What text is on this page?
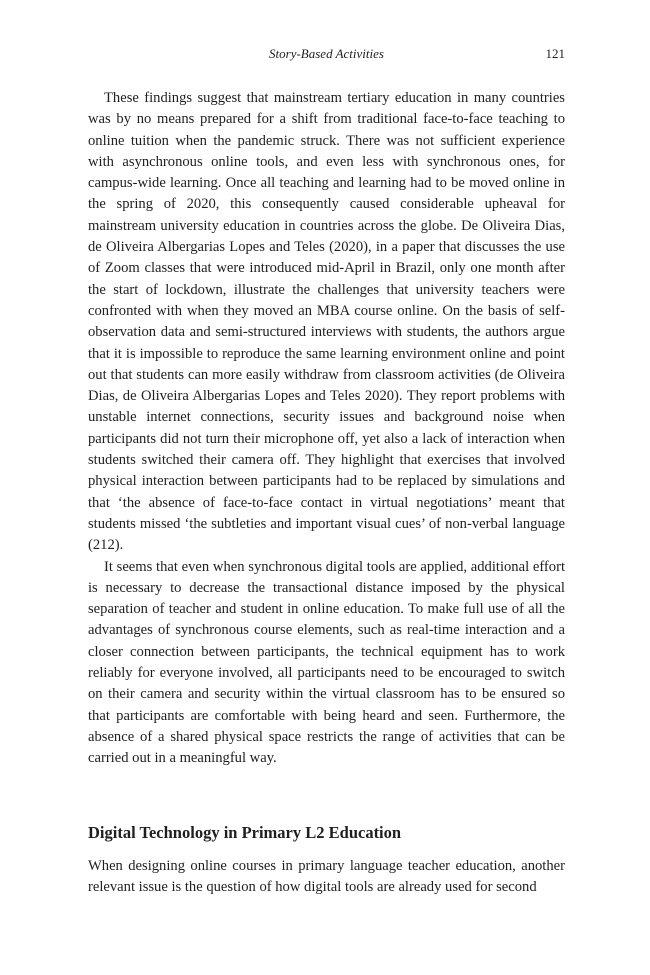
Story-Based Activities	121

These findings suggest that mainstream tertiary education in many countries was by no means prepared for a shift from traditional face-to-face teaching to online tuition when the pandemic struck. There was not sufficient experience with asynchronous online tools, and even less with synchronous ones, for campus-wide learning. Once all teaching and learning had to be moved online in the spring of 2020, this consequently caused considerable upheaval for mainstream university education in countries across the globe. De Oliveira Dias, de Oliveira Albergarias Lopes and Teles (2020), in a paper that discusses the use of Zoom classes that were introduced mid-April in Brazil, only one month after the start of lockdown, illustrate the challenges that university teachers were confronted with when they moved an MBA course online. On the basis of self-observation data and semi-structured interviews with students, the authors argue that it is impossible to reproduce the same learning environment online and point out that students can more easily withdraw from classroom activities (de Oliveira Dias, de Oliveira Albergarias Lopes and Teles 2020). They report problems with unstable internet connections, security issues and background noise when participants did not turn their microphone off, yet also a lack of interaction when students switched their camera off. They highlight that exercises that involved physical interaction between participants had to be replaced by simulations and that ‘the absence of face-to-face contact in virtual negotiations’ meant that students missed ‘the subtleties and important visual cues’ of non-verbal language (212).

It seems that even when synchronous digital tools are applied, additional effort is necessary to decrease the transactional distance imposed by the physical separation of teacher and student in online education. To make full use of all the advantages of synchronous course elements, such as real-time interaction and a closer connection between participants, the technical equipment has to work reliably for everyone involved, all participants need to be encouraged to switch on their camera and security within the virtual classroom has to be ensured so that participants are comfortable with being heard and seen. Furthermore, the absence of a shared physical space restricts the range of activities that can be carried out in a meaningful way.

Digital Technology in Primary L2 Education

When designing online courses in primary language teacher education, another relevant issue is the question of how digital tools are already used for second
